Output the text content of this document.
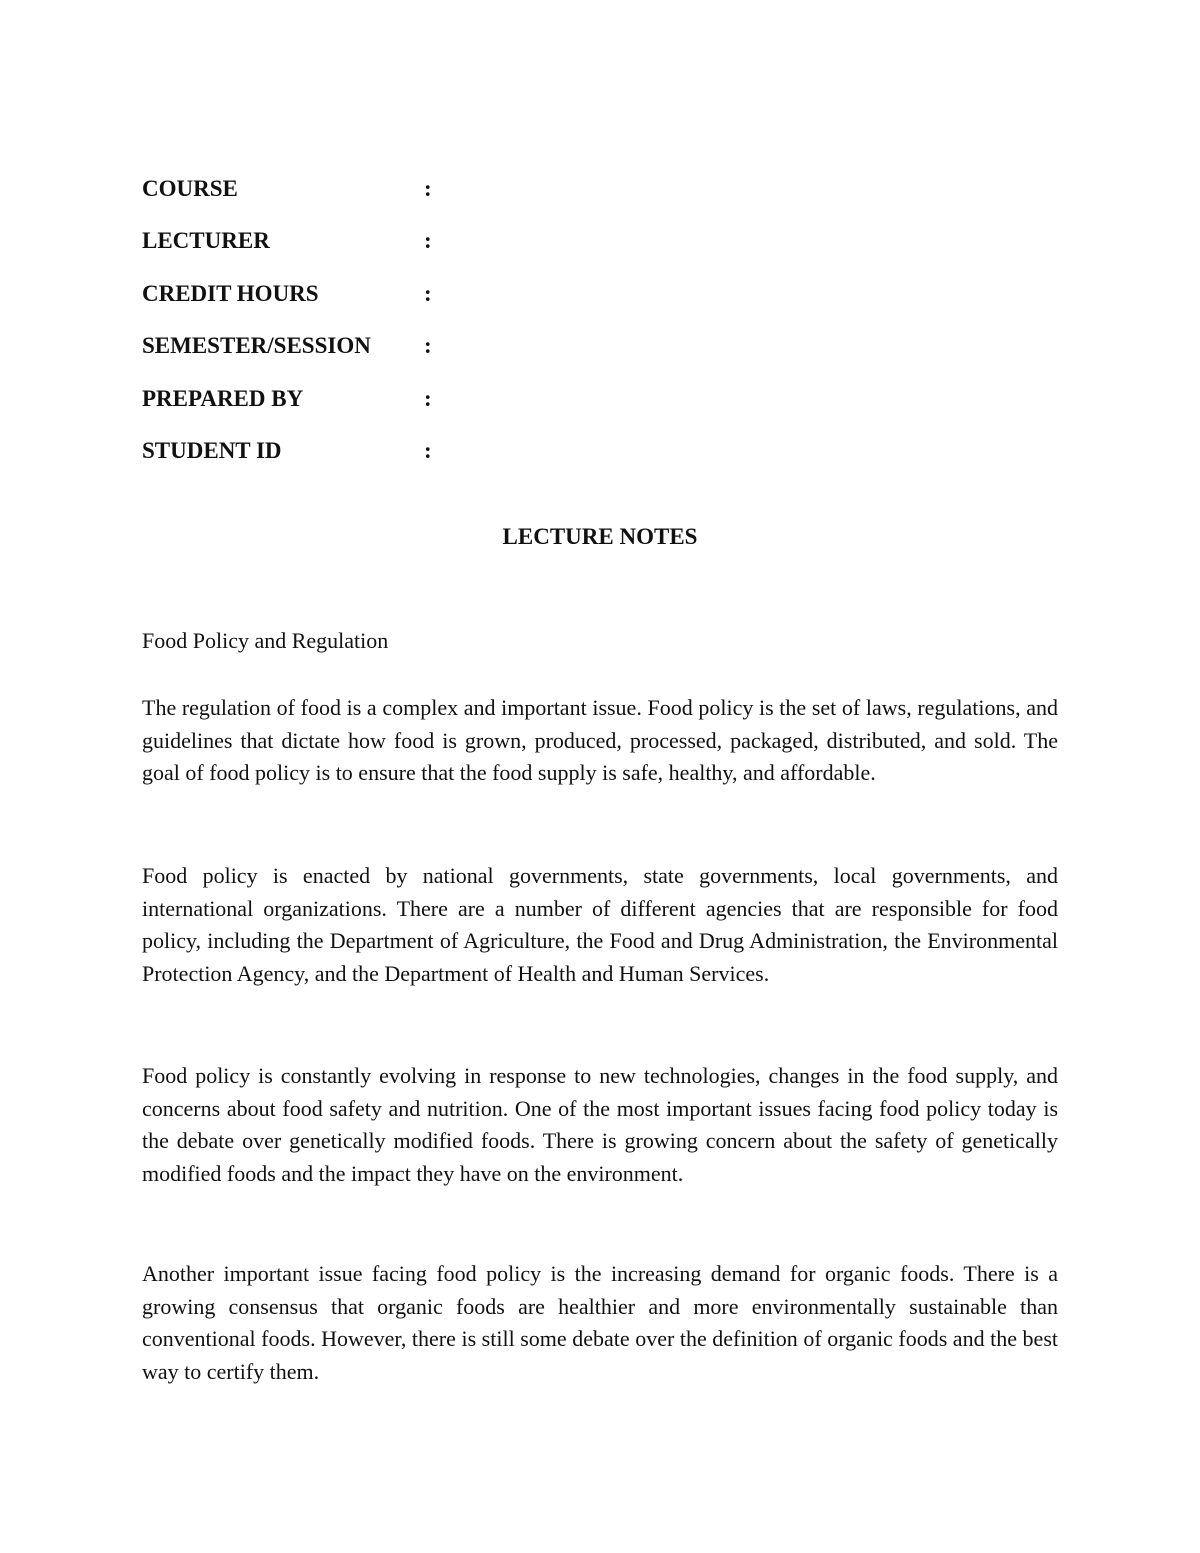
COURSE	:
LECTURER	:
CREDIT HOURS	:
SEMESTER/SESSION :
PREPARED BY	:
STUDENT ID	:
LECTURE NOTES
Food Policy and Regulation

The regulation of food is a complex and important issue. Food policy is the set of laws, regulations, and guidelines that dictate how food is grown, produced, processed, packaged, distributed, and sold. The goal of food policy is to ensure that the food supply is safe, healthy, and affordable.

Food policy is enacted by national governments, state governments, local governments, and international organizations. There are a number of different agencies that are responsible for food policy, including the Department of Agriculture, the Food and Drug Administration, the Environmental Protection Agency, and the Department of Health and Human Services.

Food policy is constantly evolving in response to new technologies, changes in the food supply, and concerns about food safety and nutrition. One of the most important issues facing food policy today is the debate over genetically modified foods. There is growing concern about the safety of genetically modified foods and the impact they have on the environment.

Another important issue facing food policy is the increasing demand for organic foods. There is a growing consensus that organic foods are healthier and more environmentally sustainable than conventional foods. However, there is still some debate over the definition of organic foods and the best way to certify them.
